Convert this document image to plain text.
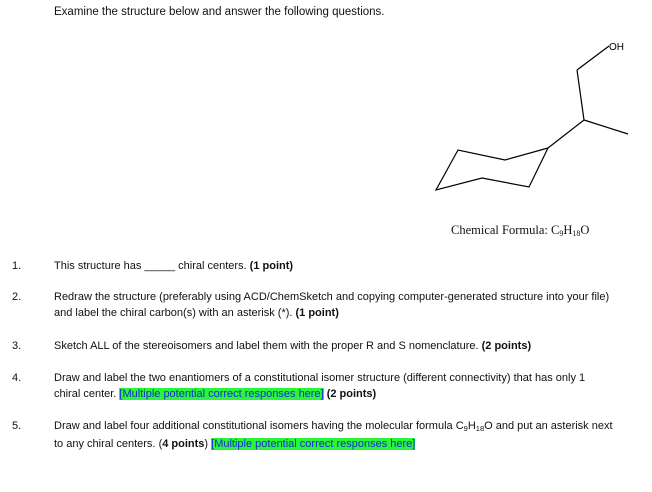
Examine the structure below and answer the following questions.
OH
Chemical Formula: $C_9H_{18}O$
1.	This structure has _____ chiral centers. (1 point)
2.	Redraw the structure (preferably using ACD/ChemSketch and copying computer-generated structure into your file) and label the chiral carbon(s) with an asterisk (*). (1 point)
3.	Sketch ALL of the stereoisomers and label them with the proper R and S nomenclature. (2 points)
4.	Draw and label the two enantiomers of a constitutional isomer structure (different connectivity) that has only 1 chiral center. [Multiple potential correct responses here] (2 points)
5.	Draw and label four additional constitutional isomers having the molecular formula $C_9H_{18}O$ and put an asterisk next to any chiral centers. (4 points) [Multiple potential correct responses here]
